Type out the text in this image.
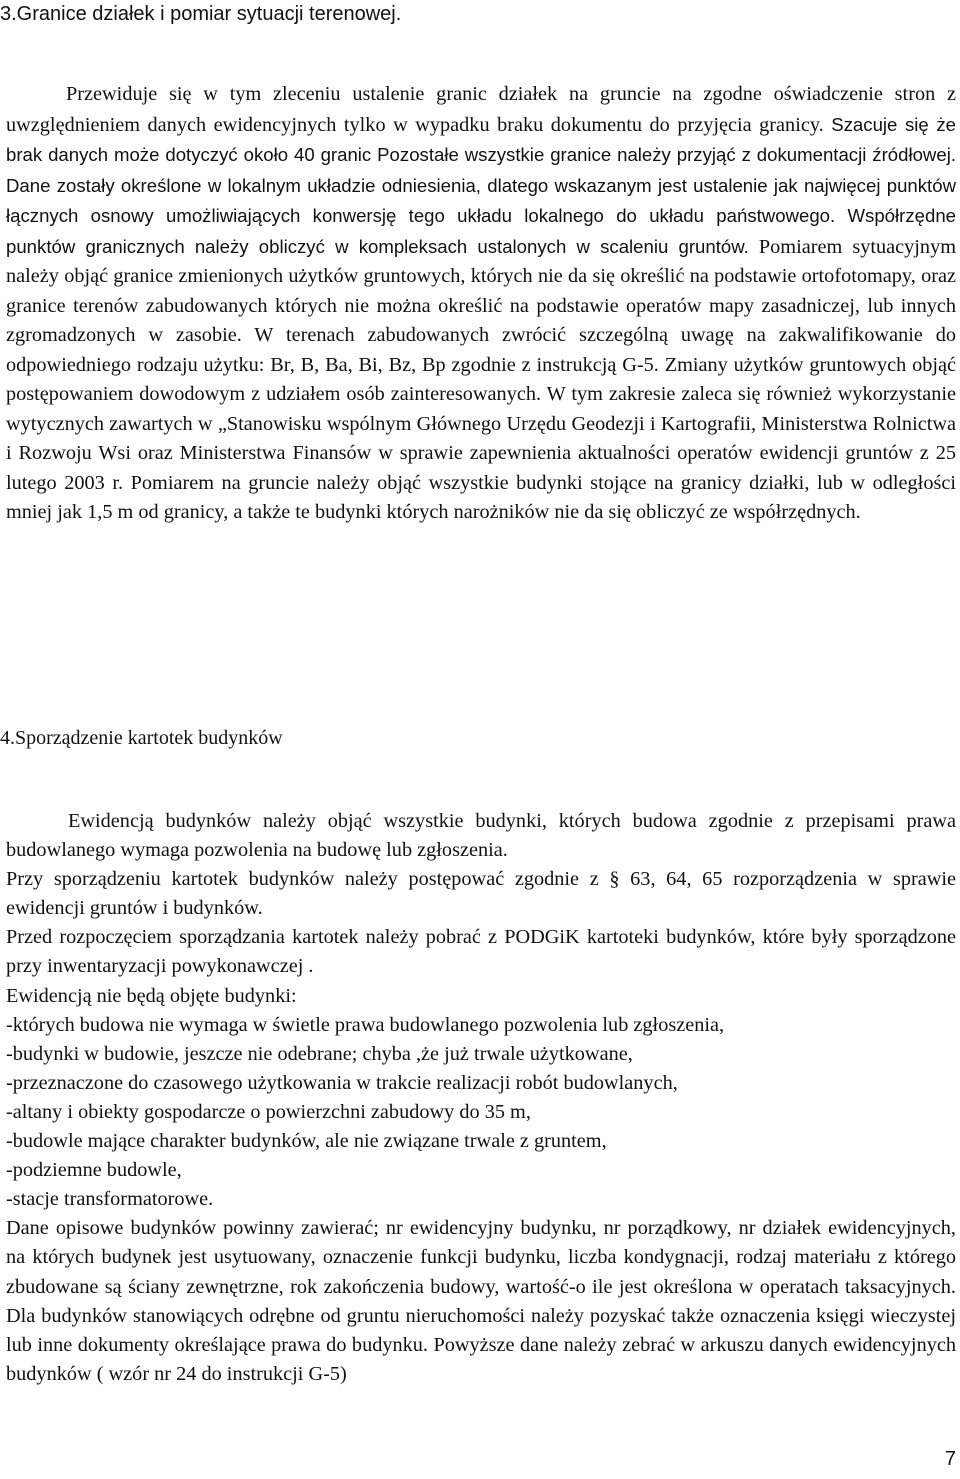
3.Granice działek i pomiar sytuacji terenowej.

Przewiduje się w tym zleceniu ustalenie granic działek na gruncie na zgodne oświadczenie stron z uwzględnieniem danych ewidencyjnych tylko w wypadku braku dokumentu do przyjęcia granicy. Szacuje się że brak danych może dotyczyć około 40 granic Pozostałe wszystkie granice należy przyjąć z dokumentacji źródłowej. Dane zostały określone w lokalnym układzie odniesienia, dlatego wskazanym jest ustalenie jak najwięcej punktów łącznych osnowy umożliwiających konwersję tego układu lokalnego do układu państwowego. Współrzędne punktów granicznych należy obliczyć w kompleksach ustalonych w scaleniu gruntów. Pomiarem sytuacyjnym należy objąć granice zmienionych użytków gruntowych, których nie da się określić na podstawie ortofotomapy, oraz granice terenów zabudowanych których nie można określić na podstawie operatów mapy zasadniczej, lub innych zgromadzonych w zasobie. W terenach zabudowanych zwrócić szczególną uwagę na zakwalifikowanie do odpowiedniego rodzaju użytku: Br, B, Ba, Bi, Bz, Bp zgodnie z instrukcją G-5. Zmiany użytków gruntowych objąć postępowaniem dowodowym z udziałem osób zainteresowanych. W tym zakresie zaleca się również wykorzystanie wytycznych zawartych w „Stanowisku wspólnym Głównego Urzędu Geodezji i Kartografii, Ministerstwa Rolnictwa i Rozwoju Wsi oraz Ministerstwa Finansów w sprawie zapewnienia aktualności operatów ewidencji gruntów z 25 lutego 2003 r. Pomiarem na gruncie należy objąć wszystkie budynki stojące na granicy działki, lub w odległości mniej jak 1,5 m od granicy, a także te budynki których narożników nie da się obliczyć ze współrzędnych.

4.Sporządzenie kartotek budynków

Ewidencją budynków należy objąć wszystkie budynki, których budowa zgodnie z przepisami prawa budowlanego wymaga pozwolenia na budowę lub zgłoszenia.

Przy sporządzeniu kartotek budynków należy postępować zgodnie z § 63, 64, 65 rozporządzenia w sprawie ewidencji gruntów i budynków.

Przed rozpoczęciem sporządzania kartotek należy pobrać z PODGiK kartoteki budynków, które były sporządzone przy inwentaryzacji powykonawczej .

Ewidencją nie będą objęte budynki:

-których budowa nie wymaga w świetle prawa budowlanego pozwolenia lub zgłoszenia,

-budynki w budowie, jeszcze nie odebrane; chyba ,że już trwale użytkowane,

-przeznaczone do czasowego użytkowania w trakcie realizacji robót budowlanych,

-altany i obiekty gospodarcze o powierzchni zabudowy do 35 m,

-budowle mające charakter budynków, ale nie związane trwale z gruntem,

-podziemne budowle,

-stacje transformatorowe.

Dane opisowe budynków powinny zawierać; nr ewidencyjny budynku, nr porządkowy, nr działek ewidencyjnych, na których budynek jest usytuowany, oznaczenie funkcji budynku, liczba kondygnacji, rodzaj materiału z którego zbudowane są ściany zewnętrzne, rok zakończenia budowy, wartość-o ile jest określona w operatach taksacyjnych. Dla budynków stanowiących odrębne od gruntu nieruchomości należy pozyskać także oznaczenia księgi wieczystej lub inne dokumenty określające prawa do budynku. Powyższe dane należy zebrać w arkuszu danych ewidencyjnych budynków ( wzór nr 24 do instrukcji G-5)

7
